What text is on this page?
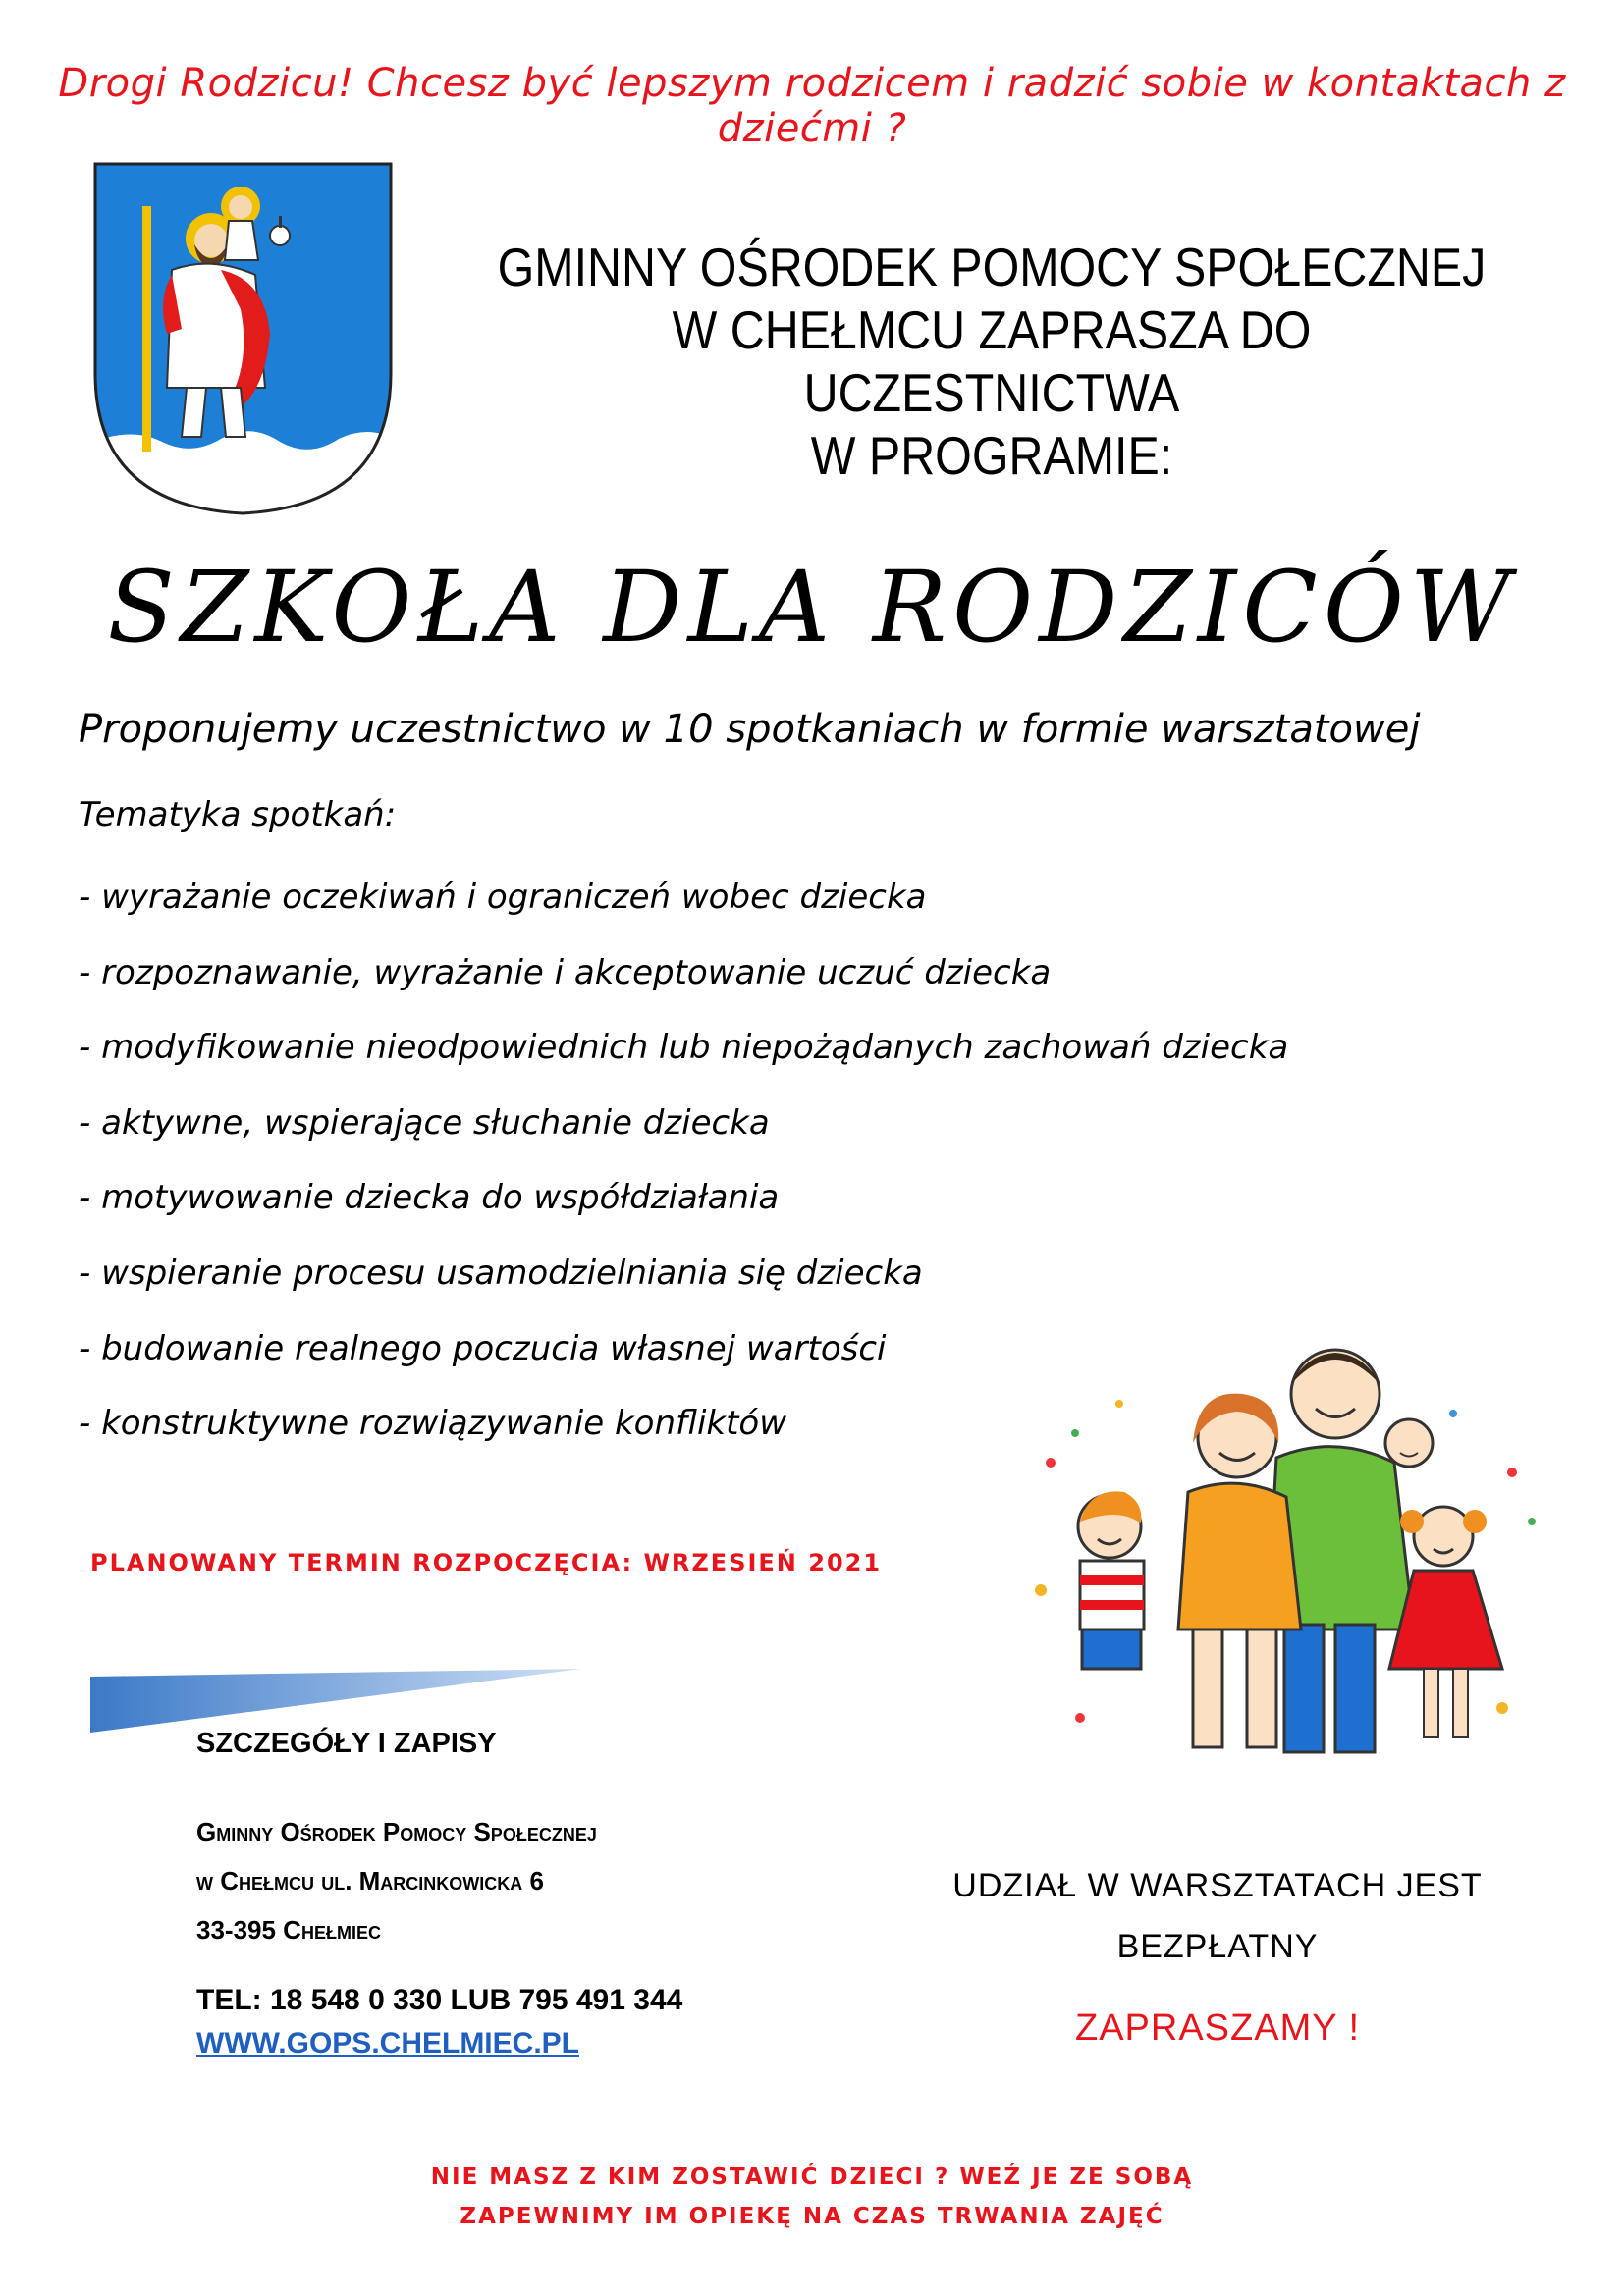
Drogi Rodzicu! Chcesz być lepszym rodzicem i radzić sobie w kontaktach z dziećmi ?
GMINNY OŚRODEK POMOCY SPOŁECZNEJ
W CHEŁMCU ZAPRASZA DO UCZESTNICTWA
W PROGRAMIE:
SZKOŁA DLA RODZICÓW
Proponujemy uczestnictwo w 10 spotkaniach w formie warsztatowej
Tematyka spotkań:
- wyrażanie oczekiwań i ograniczeń wobec dziecka
- rozpoznawanie, wyrażanie i akceptowanie uczuć dziecka
- modyfikowanie nieodpowiednich lub niepożądanych zachowań dziecka
- aktywne, wspierające słuchanie dziecka
- motywowanie dziecka do współdziałania
- wspieranie procesu usamodzielniania się dziecka
- budowanie realnego poczucia własnej wartości
- konstruktywne rozwiązywanie konfliktów
PLANOWANY TERMIN ROZPOCZĘCIA: WRZESIEŃ 2021
SZCZEGÓŁY I ZAPISY
Gminny Ośrodek Pomocy Społecznej
w Chełmcu ul. Marcinkowicka 6
33-395 Chełmiec
TEL: 18 548 0 330 LUB 795 491 344
WWW.GOPS.CHELMIEC.PL
UDZIAŁ W WARSZTATACH JEST
BEZPŁATNY
ZAPRASZAMY !
NIE MASZ Z KIM ZOSTAWIĆ DZIECI ? WEŹ JE ZE SOBĄ
ZAPEWNIMY IM OPIEKĘ NA CZAS TRWANIA ZAJĘĆ
